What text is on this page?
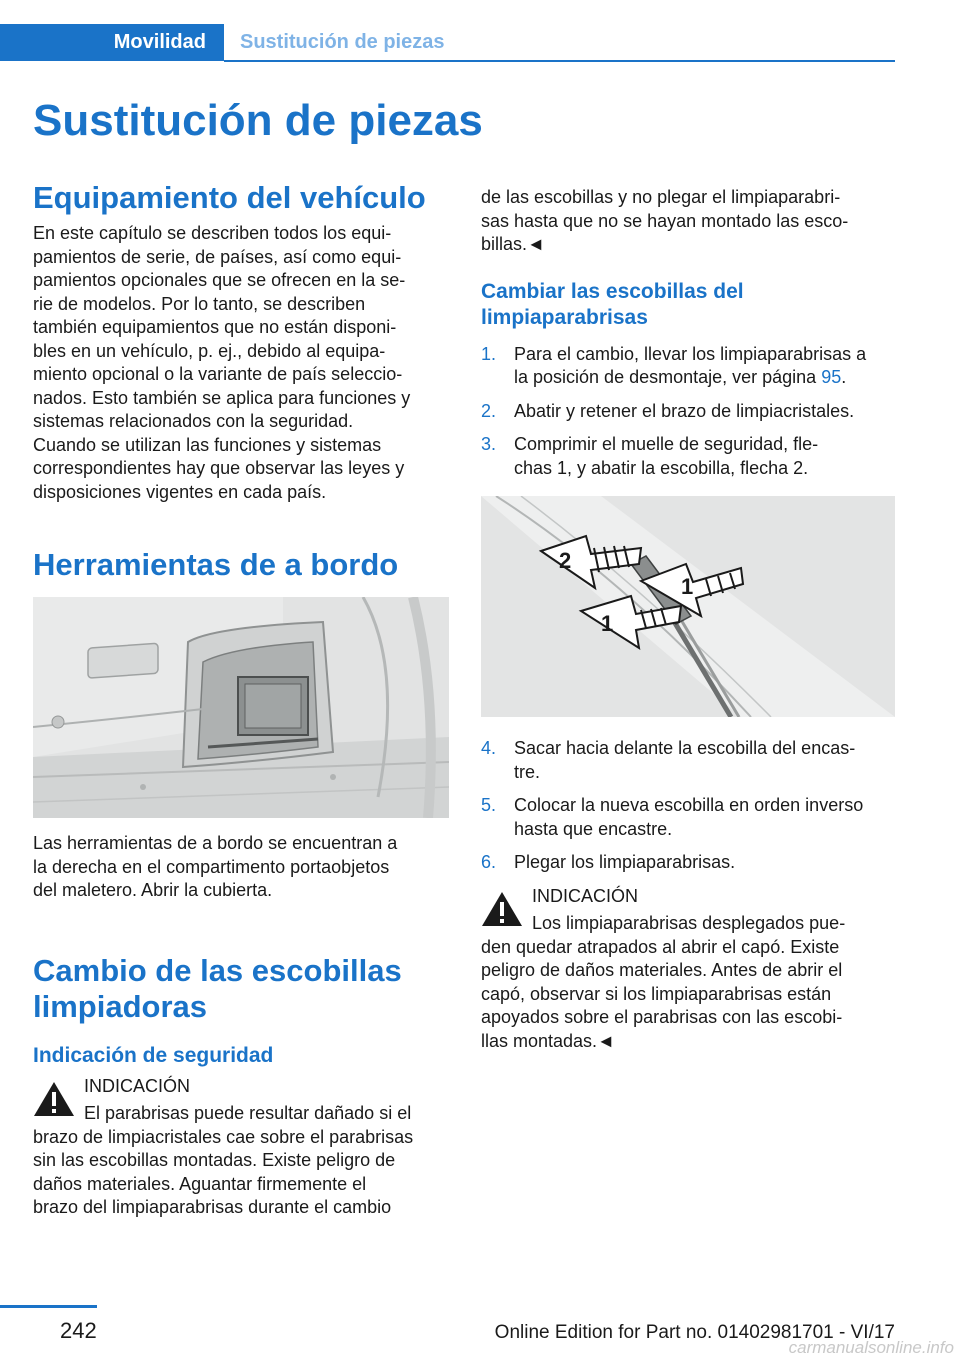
Movilidad Sustitución de piezas
Sustitución de piezas
Equipamiento del vehículo

En este capítulo se describen todos los equi-
pamientos de serie, de países, así como equi-
pamientos opcionales que se ofrecen en la se-
rie de modelos. Por lo tanto, se describen
también equipamientos que no están disponi-
bles en un vehículo, p. ej., debido al equipa-
miento opcional o la variante de país seleccio-
nados. Esto también se aplica para funciones y
sistemas relacionados con la seguridad.
Cuando se utilizan las funciones y sistemas
correspondientes hay que observar las leyes y
disposiciones vigentes en cada país.

Herramientas de a bordo

Las herramientas de a bordo se encuentran a
la derecha en el compartimento portaobjetos
del maletero. Abrir la cubierta.

Cambio de las escobillas
limpiadoras
Indicación de seguridad

INDICACIÓN

El parabrisas puede resultar dañado si el

brazo de limpiacristales cae sobre el parabrisas
sin las escobillas montadas. Existe peligro de
daños materiales. Aguantar firmemente el
brazo del limpiaparabrisas durante el cambio

de las escobillas y no plegar el limpiaparabri-
sas hasta que no se hayan montado las esco-
billas.◄

Cambiar las escobillas del
limpiaparabrisas
1. Para el cambio, llevar los limpiaparabrisas a
la posición de desmontaje, ver página 95.
2. Abatir y retener el brazo de limpiacristales.
3. Comprimir el muelle de seguridad, fle-
chas 1, y abatir la escobilla, flecha 2.
2
1
1
4. Sacar hacia delante la escobilla del encas-
tre.
5. Colocar la nueva escobilla en orden inverso
hasta que encastre.
6. Plegar los limpiaparabrisas.

INDICACIÓN

Los limpiaparabrisas desplegados pue-

den quedar atrapados al abrir el capó. Existe
peligro de daños materiales. Antes de abrir el
capó, observar si los limpiaparabrisas están
apoyados sobre el parabrisas con las escobi-
llas montadas.◄

242	Online Edition for Part no. 01402981701 - VI/17
carmanualsonline.info
